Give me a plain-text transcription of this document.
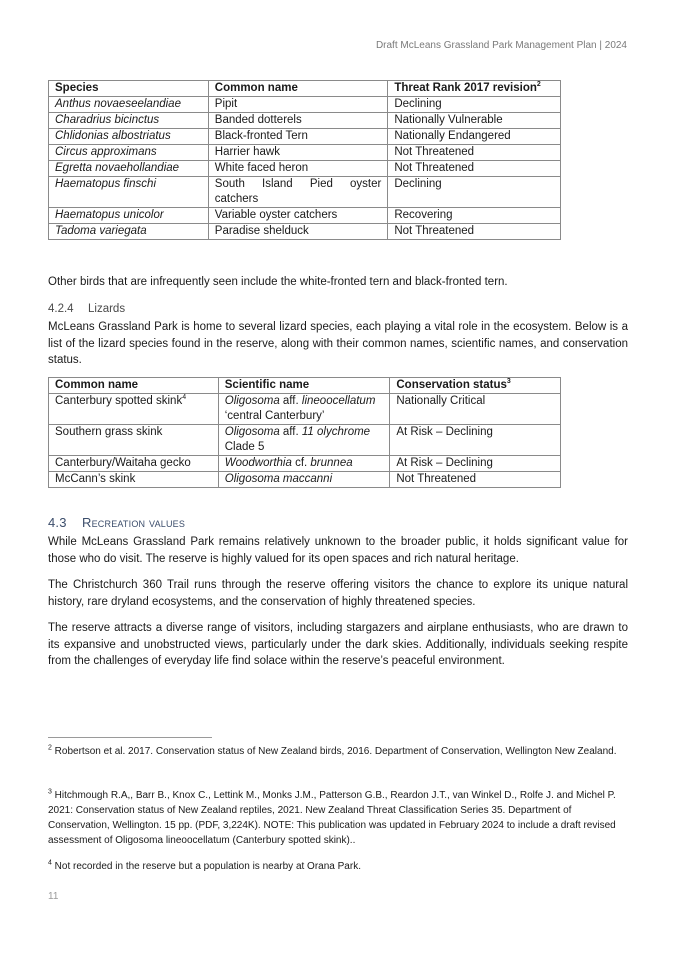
Draft McLeans Grassland Park Management Plan | 2024
Species	Common name	Threat Rank 2017 revision$^2$
Anthus novaeseelandiae	Pipit	Declining
Charadrius bicinctus	Banded dotterels	Nationally Vulnerable
Chlidonias albostriatus	Black-fronted Tern	Nationally Endangered
Circus approximans	Harrier hawk	Not Threatened
Egretta novaehollandiae	White faced heron	Not Threatened
Haematopus finschi	South Island Pied oyster catchers	Declining
Haematopus unicolor	Variable oyster catchers	Recovering
Tadoma variegata	Paradise shelduck	Not Threatened

Other birds that are infrequently seen include the white-fronted tern and black-fronted tern.

4.2.4 Lizards

McLeans Grassland Park is home to several lizard species, each playing a vital role in the ecosystem. Below is a list of the lizard species found in the reserve, along with their common names, scientific names, and conservation status.

Common name	Scientific name	Conservation status$^3$
Canterbury spotted skink$^4$	Oligosoma aff. lineoocellatum ‘central Canterbury’	Nationally Critical
Southern grass skink	Oligosoma aff. 11 olychrome Clade 5	At Risk – Declining
Canterbury/Waitaha gecko	Woodworthia cf. brunnea	At Risk – Declining
McCann’s skink	Oligosoma maccanni	Not Threatened
4.3 Recreation values

While McLeans Grassland Park remains relatively unknown to the broader public, it holds significant value for those who do visit. The reserve is highly valued for its open spaces and rich natural heritage.

The Christchurch 360 Trail runs through the reserve offering visitors the chance to explore its unique natural history, rare dryland ecosystems, and the conservation of highly threatened species.

The reserve attracts a diverse range of visitors, including stargazers and airplane enthusiasts, who are drawn to its expansive and unobstructed views, particularly under the dark skies. Additionally, individuals seeking respite from the challenges of everyday life find solace within the reserve’s peaceful environment.

$^2$ Robertson et al. 2017. Conservation status of New Zealand birds, 2016. Department of Conservation, Wellington New Zealand.

$^3$ Hitchmough R.A,, Barr B., Knox C., Lettink M., Monks J.M., Patterson G.B., Reardon J.T., van Winkel D., Rolfe J. and Michel P. 2021: Conservation status of New Zealand reptiles, 2021. New Zealand Threat Classification Series 35. Department of Conservation, Wellington. 15 pp. (PDF, 3,224K). NOTE: This publication was updated in February 2024 to include a draft revised assessment of Oligosoma lineoocellatum (Canterbury spotted skink)..

$^4$ Not recorded in the reserve but a population is nearby at Orana Park.

11
